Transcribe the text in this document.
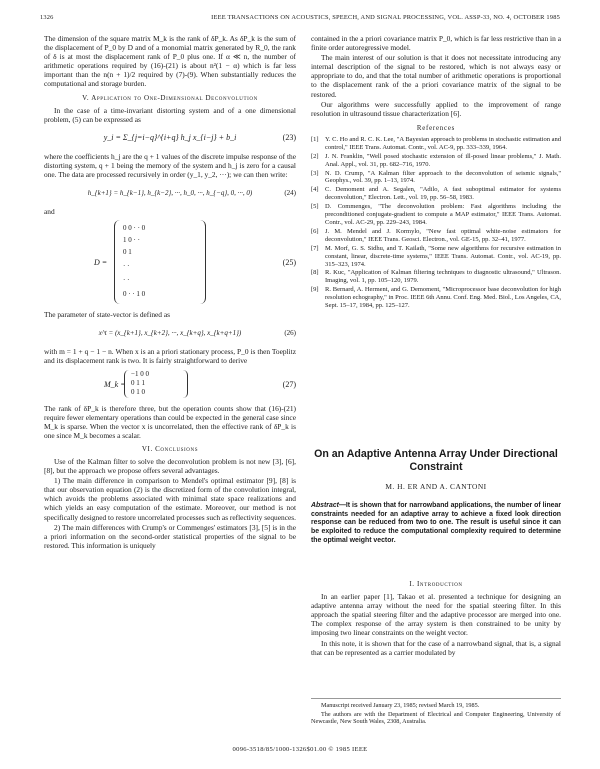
1326	IEEE TRANSACTIONS ON ACOUSTICS, SPEECH, AND SIGNAL PROCESSING, VOL. ASSP-33, NO. 4, OCTOBER 1985

The dimension of the square matrix M_k is the rank of δP_k. As δP_k is the sum of the displacement of P_0 by D and of a monomial matrix generated by R_0, the rank of δ is at most the displacement rank of P_0 plus one. If α ≪ n, the number of arithmetic operations required by (16)-(21) is about n²(1 − α) which is far less important than the n(n + 1)/2 required by (7)-(9). When substantially reduces the computational and storage burden.

V. Application to One-Dimensional Deconvolution

In the case of a time-invariant distorting system and of a one dimensional problem, (5) can be expressed as

y_i = Σ_{j=i−q}^{i+q} h_j x_{i−j} + b_i	(23)

where the coefficients h_j are the q + 1 values of the discrete impulse response of the distorting system, q + 1 being the memory of the system and h_j is zero for a causal one. The data are processed recursively in order (y_1, y_2, ···); we can then write:

h_{k+1} = h_{k−1}, h_{k−2}, ···, h_0, ···, h_{−q}, 0, ···, 0)	(24)

and

D =
0 0 · · 0
1 0 · ·
0 1
· ·
· ·
0 · · 1 0
(25)

The parameter of state-vector is defined as

x^t = (x_{k+1}, x_{k+2}, ···, x_{k+q}, x_{k+q+1})	(26)

with m = 1 + q − 1 − n. When x is an a priori stationary process, P_0 is then Toeplitz and its displacement rank is two. It is fairly straightforward to derive

M_k =
−1 0 0
0 1 1
0 1 0
(27)

The rank of δP_k is therefore three, but the operation counts show that (16)-(21) require fewer elementary operations than could be expected in the general case since M_k is sparse. When the vector x is uncorrelated, then the effective rank of δP_k is one since M_k becomes a scalar.

VI. Conclusions

Use of the Kalman filter to solve the deconvolution problem is not new [3], [6], [8], but the approach we propose offers several advantages.

1) The main difference in comparison to Mendel's optimal estimator [9], [8] is that our observation equation (2) is the discretized form of the convolution integral, which avoids the problems associated with minimal state space realizations and which yields an easy computation of the estimate. Moreover, our method is not specifically designed to restore uncorrelated processes such as reflectivity sequences.

2) The main differences with Crump's or Commenges' estimators [3], [5] is in the a priori information on the second-order statistical properties of the signal to be restored. This information is uniquely

contained in the a priori covariance matrix P_0, which is far less restrictive than in a finite order autoregressive model.

The main interest of our solution is that it does not necessitate introducing any internal description of the signal to be restored, which is not always easy or appropriate to do, and that the total number of arithmetic operations is proportional to the displacement rank of the a priori covariance matrix of the signal to be restored.

Our algorithms were successfully applied to the improvement of range resolution in ultrasound tissue characterization [6].

References
[1] Y. C. Ho and R. C. K. Lee, "A Bayesian approach to problems in stochastic estimation and control," IEEE Trans. Automat. Contr., vol. AC-9, pp. 333–339, 1964.
[2] J. N. Franklin, "Well posed stochastic extension of ill-posed linear problems," J. Math. Anal. Appl., vol. 31, pp. 682–716, 1970.
[3] N. D. Crump, "A Kalman filter approach to the deconvolution of seismic signals," Geophys., vol. 39, pp. 1–13, 1974.
[4] C. Demoment and A. Segalen, "Adilo, A fast suboptimal estimator for systems deconvolution," Electron. Lett., vol. 19, pp. 56–58, 1983.
[5] D. Commenges, "The deconvolution problem: Fast algorithms including the preconditioned conjugate-gradient to compute a MAP estimator," IEEE Trans. Automat. Contr., vol. AC-29, pp. 229–243, 1984.
[6] J. M. Mendel and J. Kormylo, "New fast optimal white-noise estimators for deconvolution," IEEE Trans. Geosci. Electron., vol. GE-15, pp. 32–41, 1977.
[7] M. Morf, G. S. Sidhu, and T. Kailath, "Some new algorithms for recursive estimation in constant, linear, discrete-time systems," IEEE Trans. Automat. Contr., vol. AC-19, pp. 315–323, 1974.
[8] R. Kuc, "Application of Kalman filtering techniques to diagnostic ultrasound," Ultrason. Imaging, vol. 1, pp. 105–120, 1979.
[9] R. Bernard, A. Herment, and G. Demoment, "Microprocessor base deconvolution for high resolution echography," in Proc. IEEE 6th Annu. Conf. Eng. Med. Biol., Los Angeles, CA, Sept. 15–17, 1984, pp. 125–127.
On an Adaptive Antenna Array Under Directional Constraint
M. H. ER AND A. CANTONI
Abstract—It is shown that for narrowband applications, the number of linear constraints needed for an adaptive array to achieve a fixed look direction response can be reduced from two to one. The result is useful since it can be exploited to reduce the computational complexity required to determine the optimal weight vector.
I. Introduction

In an earlier paper [1], Takao et al. presented a technique for designing an adaptive antenna array without the need for the spatial steering filter. In this approach the spatial steering filter and the adaptive processor are merged into one. The complex response of the array system is then constrained to be unity by imposing two linear constraints on the weight vector.

In this note, it is shown that for the case of a narrowband signal, that is, a signal that can be represented as a carrier modulated by

Manuscript received January 23, 1985; revised March 19, 1985.

The authors are with the Department of Electrical and Computer Engineering, University of Newcastle, New South Wales, 2308, Australia.

0096-3518/85/1000-1326$01.00 © 1985 IEEE
